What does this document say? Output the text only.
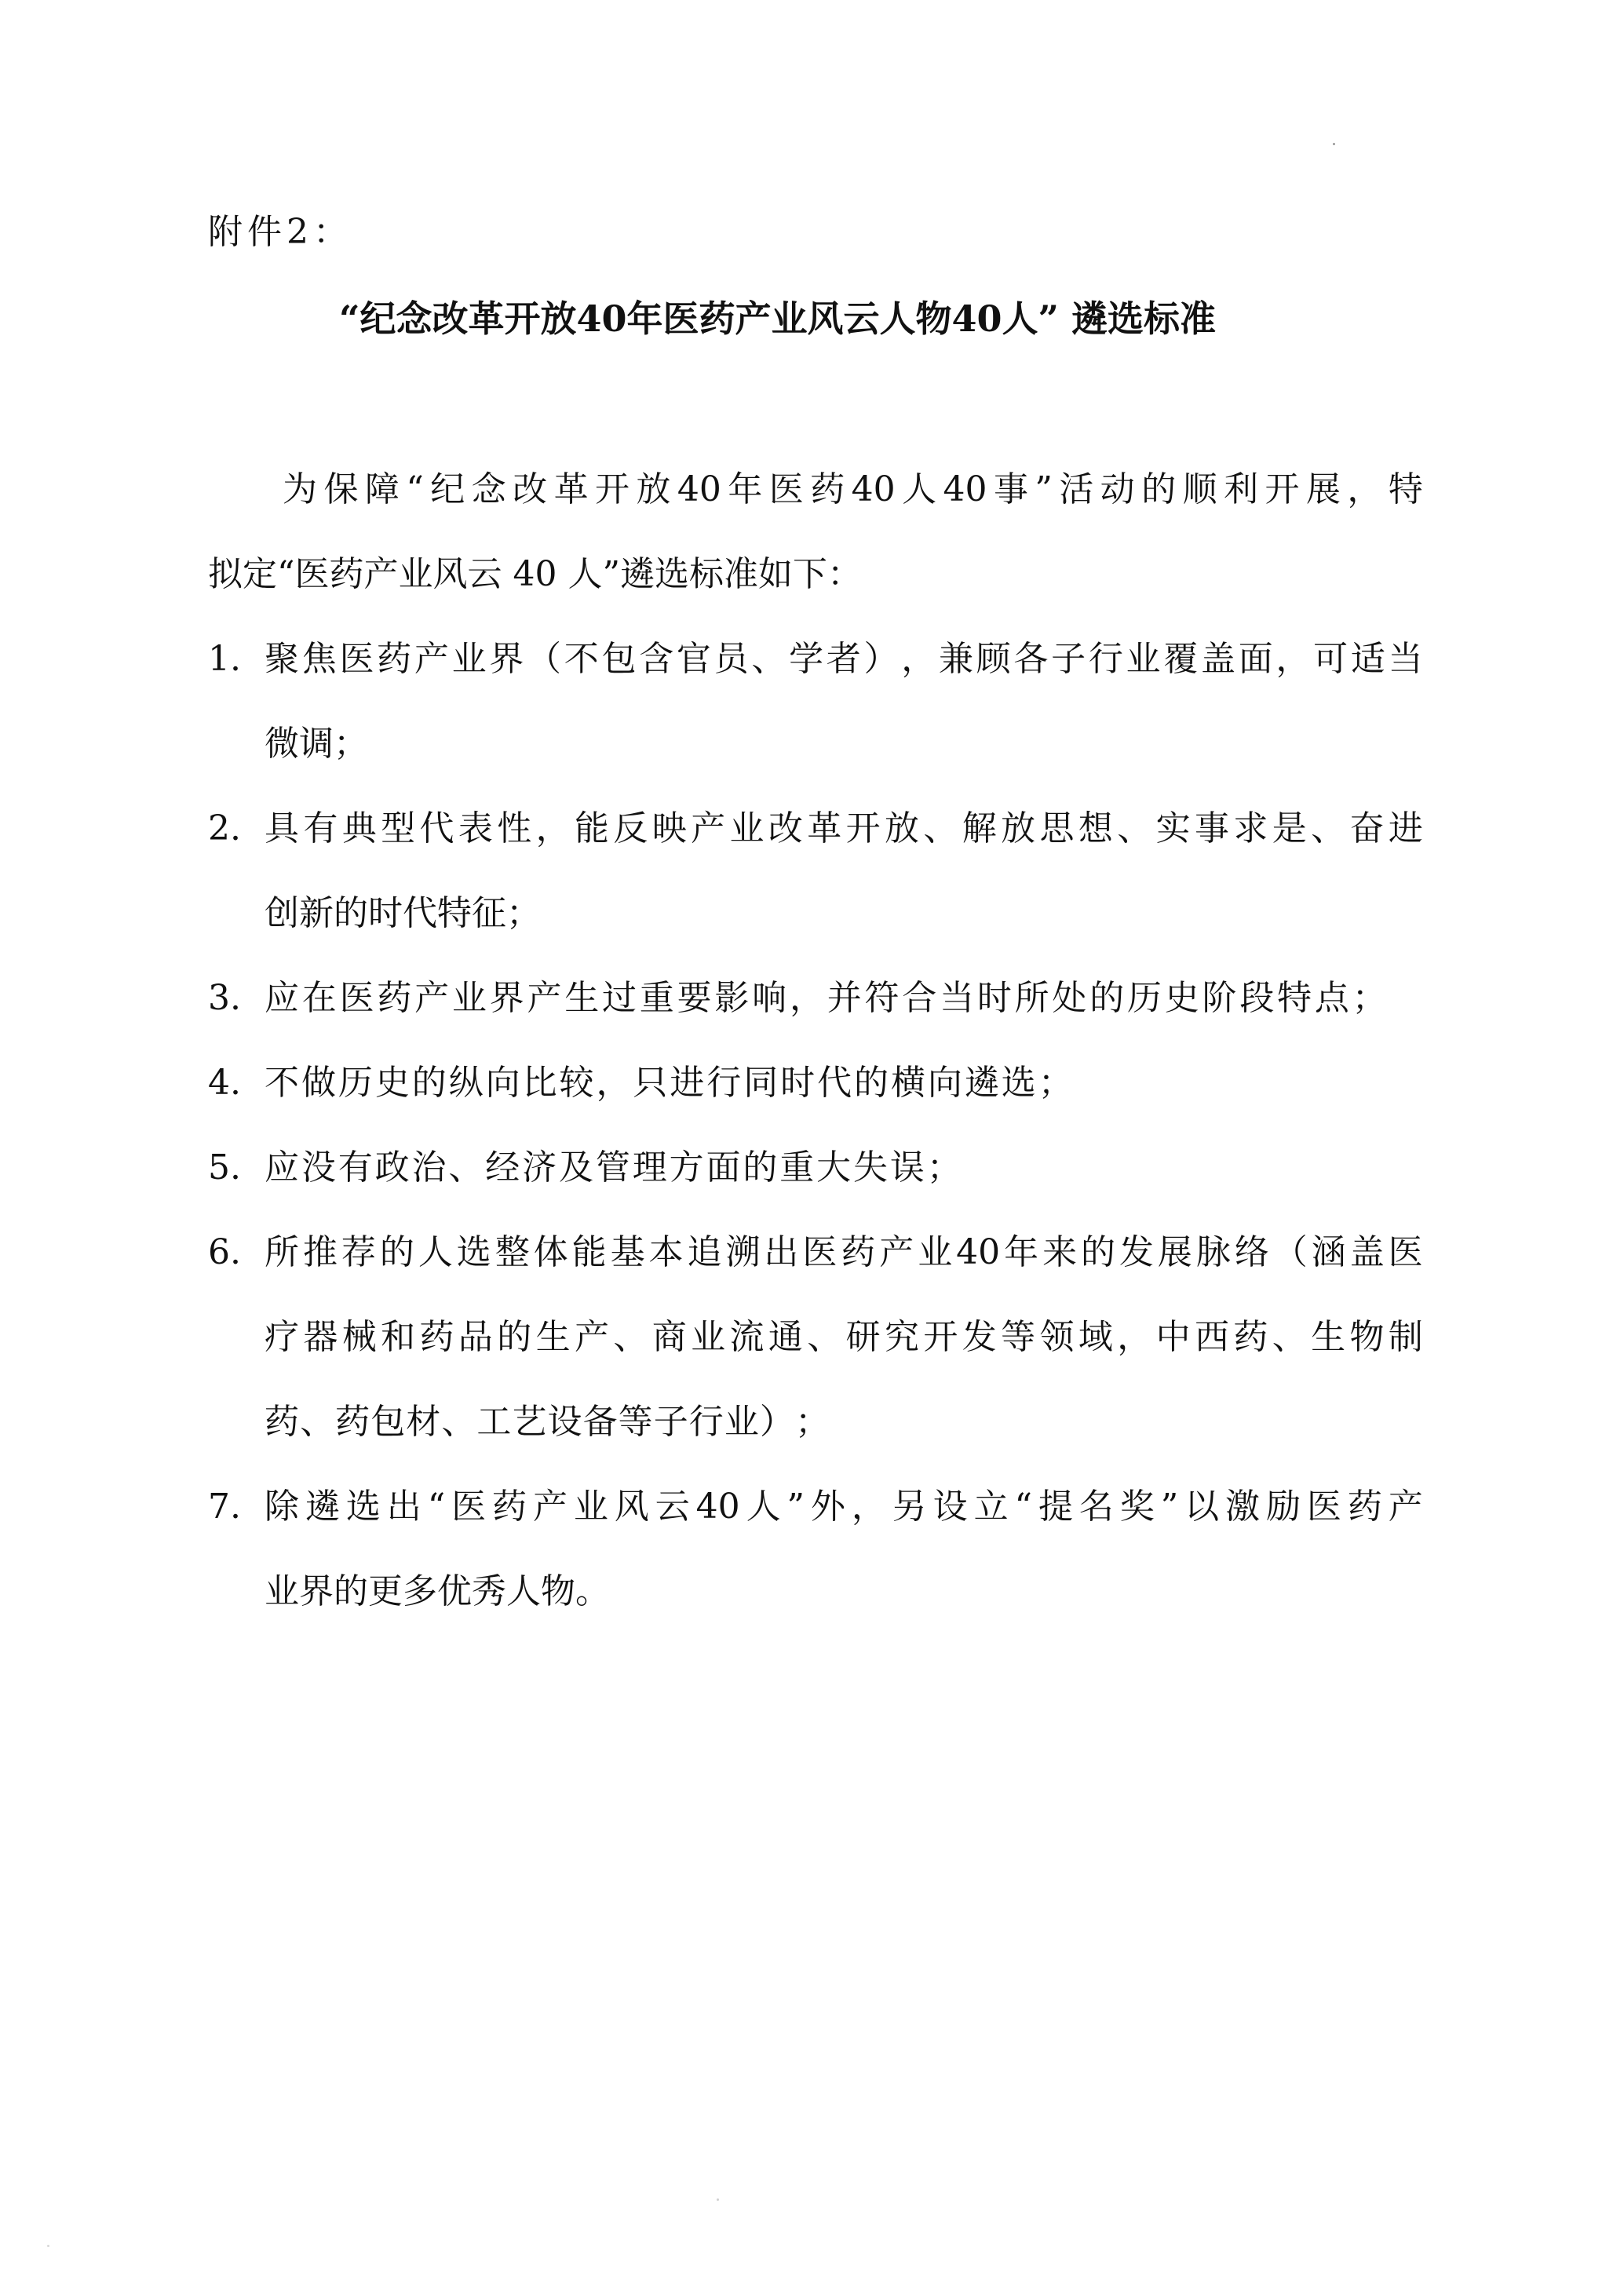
附件2：
“纪念改革开放40年医药产业风云人物40人” 遴选标准
为 保 障 “ 纪 念 改 革 开 放 40 年 医 药 40 人 40 事 ” 活 动 的 顺 利 开 展 ， 特
拟定“医药产业风云 40 人”遴选标准如下：
1. 聚 焦 医 药 产 业 界 （ 不 包 含 官 员 、 学 者 ） ， 兼 顾 各 子 行 业 覆 盖 面 ， 可 适 当
微调；
2. 具 有 典 型 代 表 性 ， 能 反 映 产 业 改 革 开 放 、 解 放 思 想 、 实 事 求 是 、 奋 进
创新的时代特征；
3. 应 在 医 药 产 业 界 产 生 过 重 要 影 响 ， 并 符 合 当 时 所 处 的 历 史 阶 段 特 点 ；
4. 不 做 历 史 的 纵 向 比 较 ， 只 进 行 同 时 代 的 横 向 遴 选 ；
5. 应 没 有 政 治 、 经 济 及 管 理 方 面 的 重 大 失 误 ；
6. 所 推 荐 的 人 选 整 体 能 基 本 追 溯 出 医 药 产 业 40 年 来 的 发 展 脉 络 （ 涵 盖 医
疗 器 械 和 药 品 的 生 产 、 商 业 流 通 、 研 究 开 发 等 领 域 ， 中 西 药 、 生 物 制
药 、 药 包 材 、 工 艺 设 备 等 子 行 业 ） ；
7. 除 遴 选 出 “ 医 药 产 业 风 云 40 人 ” 外 ， 另 设 立 “ 提 名 奖 ” 以 激 励 医 药 产
业界的更多优秀人物。
